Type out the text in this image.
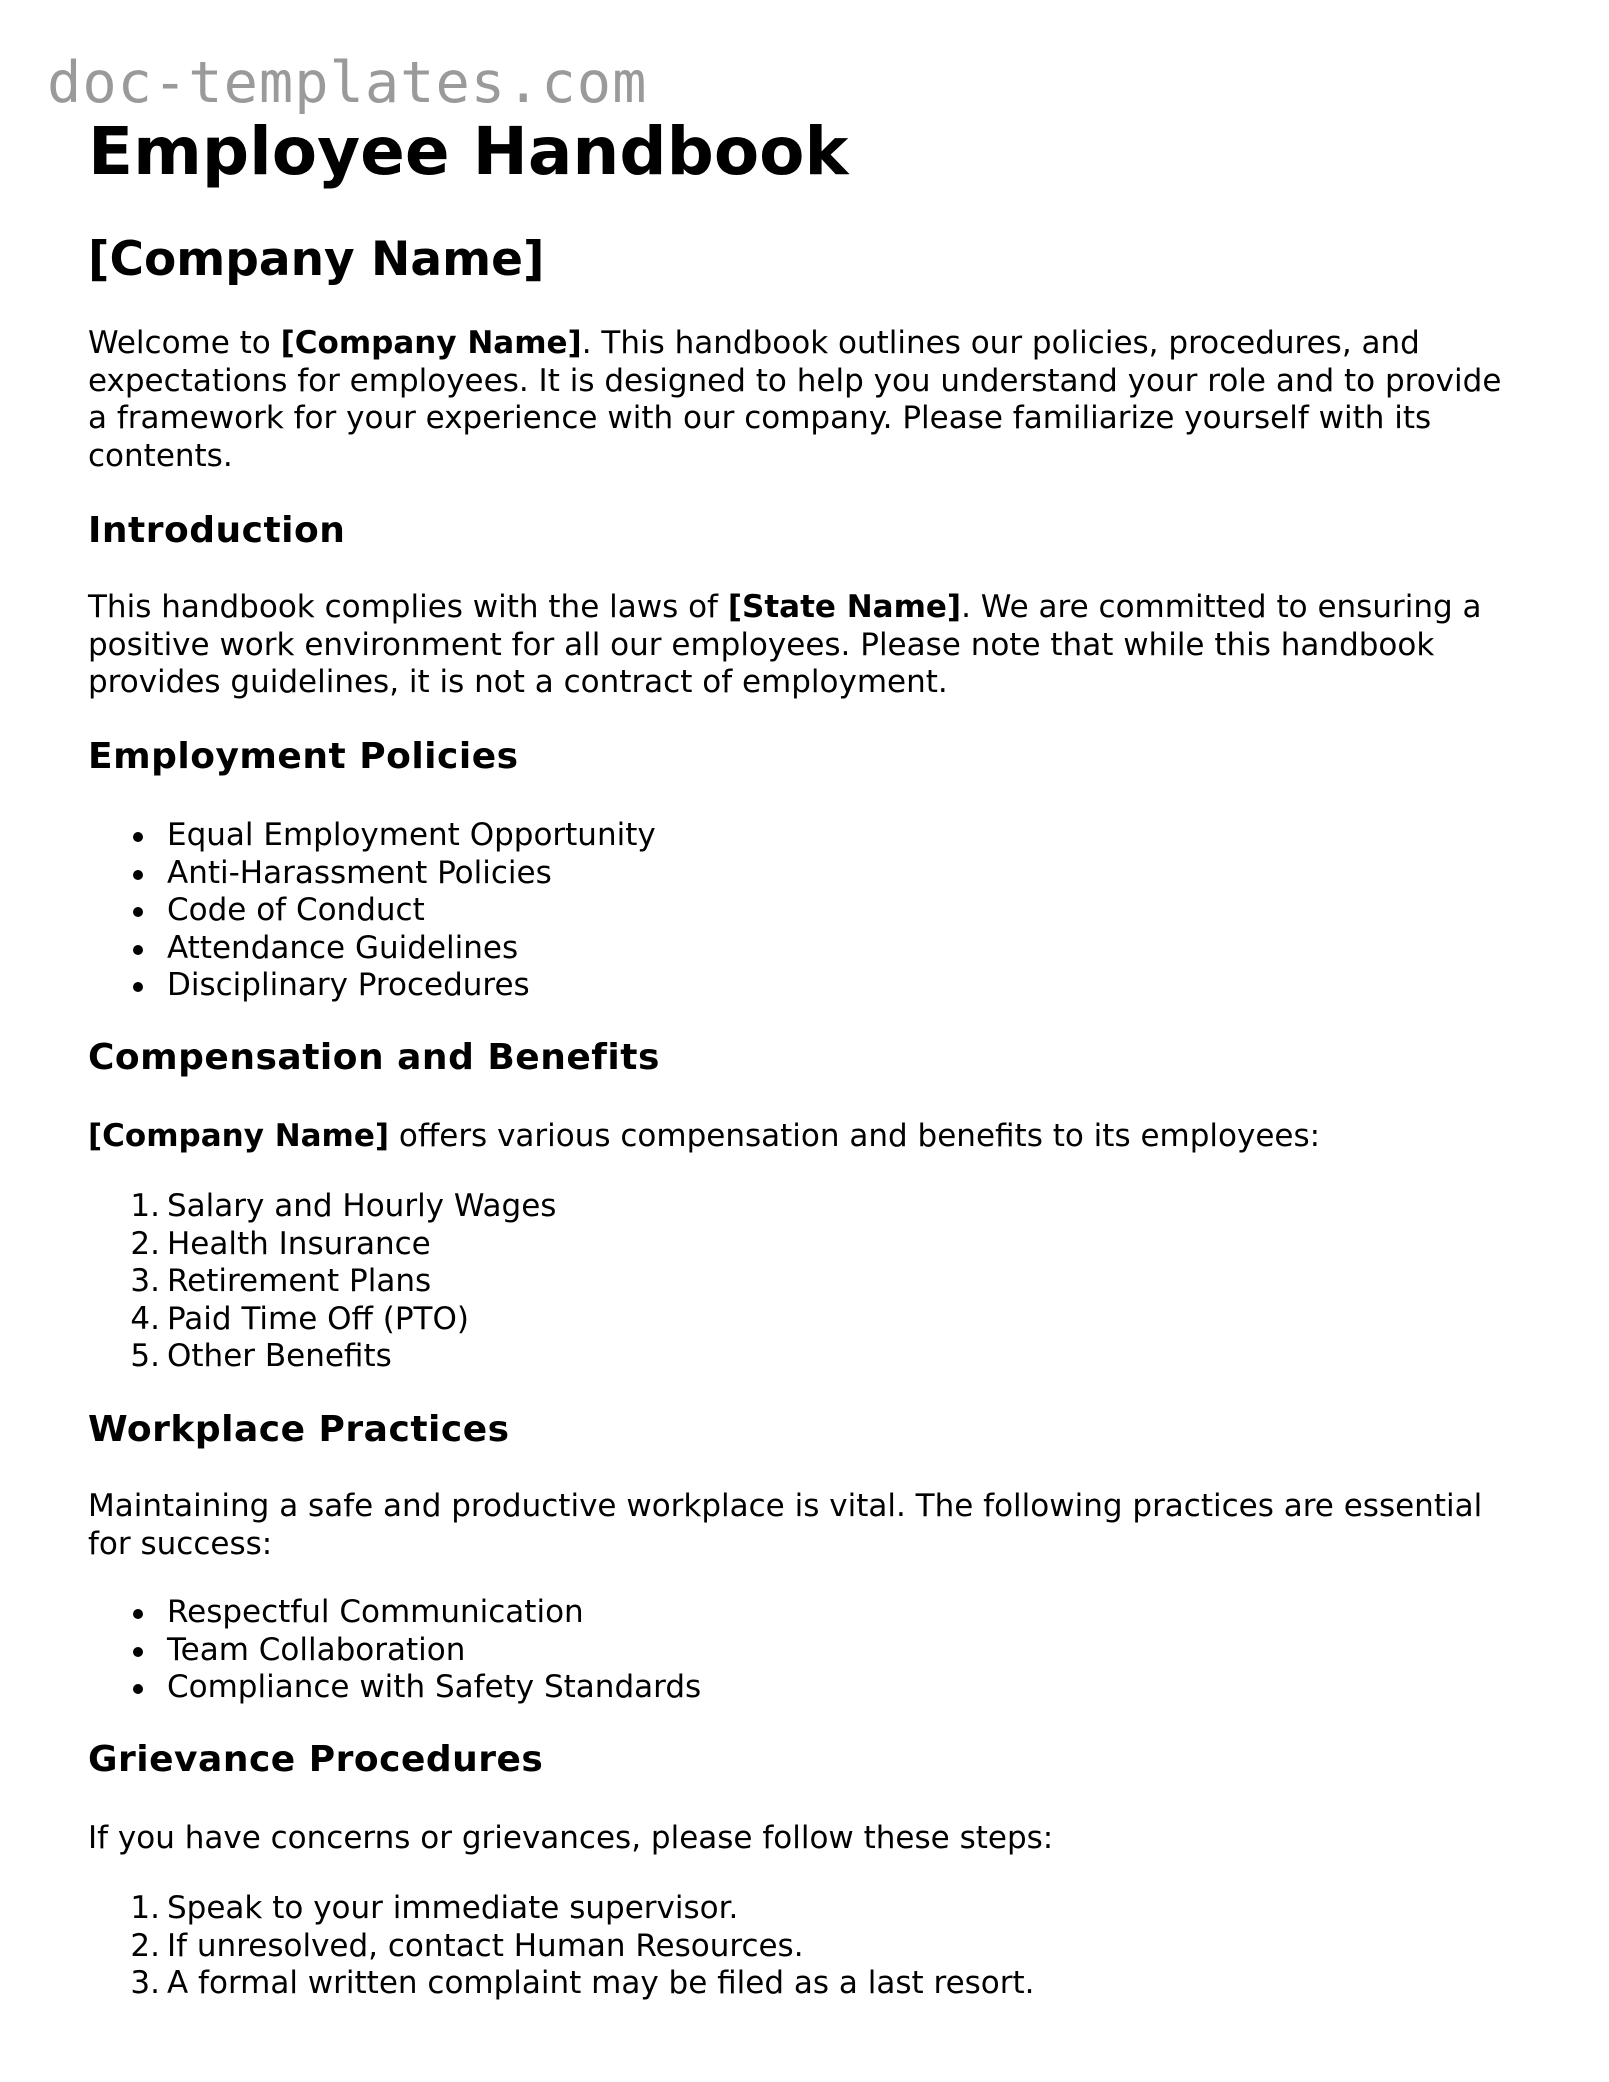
doc-templates.com
Employee Handbook
[Company Name]

Welcome to [Company Name]. This handbook outlines our policies, procedures, and expectations for employees. It is designed to help you understand your role and to provide a framework for your experience with our company. Please familiarize yourself with its contents.

Introduction

This handbook complies with the laws of [State Name]. We are committed to ensuring a positive work environment for all our employees. Please note that while this handbook provides guidelines, it is not a contract of employment.

Employment Policies
Equal Employment Opportunity
Anti-Harassment Policies
Code of Conduct
Attendance Guidelines
Disciplinary Procedures
Compensation and Benefits

[Company Name] offers various compensation and benefits to its employees:

1. Salary and Hourly Wages
2. Health Insurance
3. Retirement Plans
4. Paid Time Off (PTO)
5. Other Benefits
Workplace Practices

Maintaining a safe and productive workplace is vital. The following practices are essential for success:

Respectful Communication
Team Collaboration
Compliance with Safety Standards
Grievance Procedures

If you have concerns or grievances, please follow these steps:

1. Speak to your immediate supervisor.
2. If unresolved, contact Human Resources.
3. A formal written complaint may be filed as a last resort.
